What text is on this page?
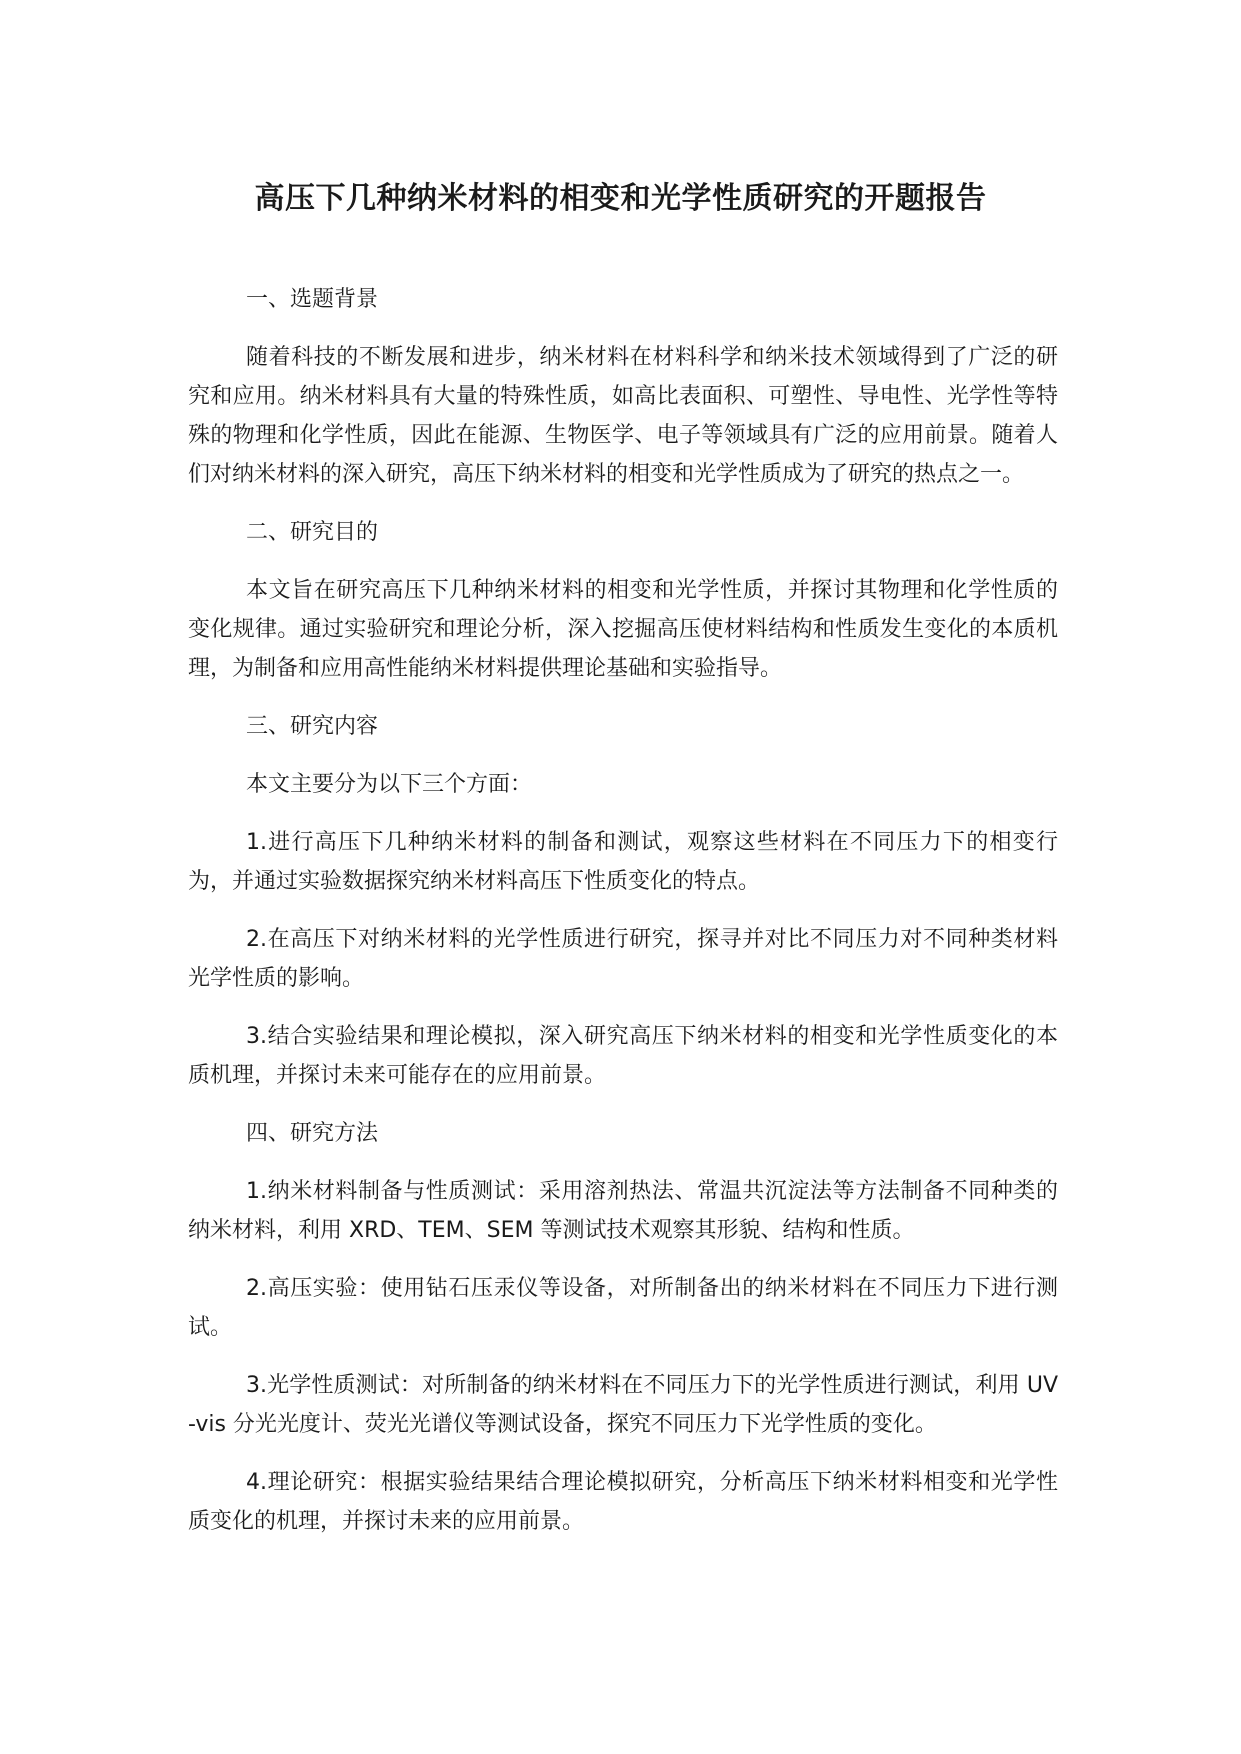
高压下几种纳米材料的相变和光学性质研究的开题报告

一、选题背景

随着科技的不断发展和进步，纳米材料在材料科学和纳米技术领域得到了广泛的研究和应用。纳米材料具有大量的特殊性质，如高比表面积、可塑性、导电性、光学性等特殊的物理和化学性质，因此在能源、生物医学、电子等领域具有广泛的应用前景。随着人们对纳米材料的深入研究，高压下纳米材料的相变和光学性质成为了研究的热点之一。

二、研究目的

本文旨在研究高压下几种纳米材料的相变和光学性质，并探讨其物理和化学性质的变化规律。通过实验研究和理论分析，深入挖掘高压使材料结构和性质发生变化的本质机理，为制备和应用高性能纳米材料提供理论基础和实验指导。

三、研究内容

本文主要分为以下三个方面：

1.进行高压下几种纳米材料的制备和测试，观察这些材料在不同压力下的相变行为，并通过实验数据探究纳米材料高压下性质变化的特点。

2.在高压下对纳米材料的光学性质进行研究，探寻并对比不同压力对不同种类材料光学性质的影响。

3.结合实验结果和理论模拟，深入研究高压下纳米材料的相变和光学性质变化的本质机理，并探讨未来可能存在的应用前景。

四、研究方法

1.纳米材料制备与性质测试：采用溶剂热法、常温共沉淀法等方法制备不同种类的纳米材料，利用 XRD、TEM、SEM 等测试技术观察其形貌、结构和性质。

2.高压实验：使用钻石压汞仪等设备，对所制备出的纳米材料在不同压力下进行测试。

3.光学性质测试：对所制备的纳米材料在不同压力下的光学性质进行测试，利用 UV-vis 分光光度计、荧光光谱仪等测试设备，探究不同压力下光学性质的变化。

4.理论研究：根据实验结果结合理论模拟研究，分析高压下纳米材料相变和光学性质变化的机理，并探讨未来的应用前景。
